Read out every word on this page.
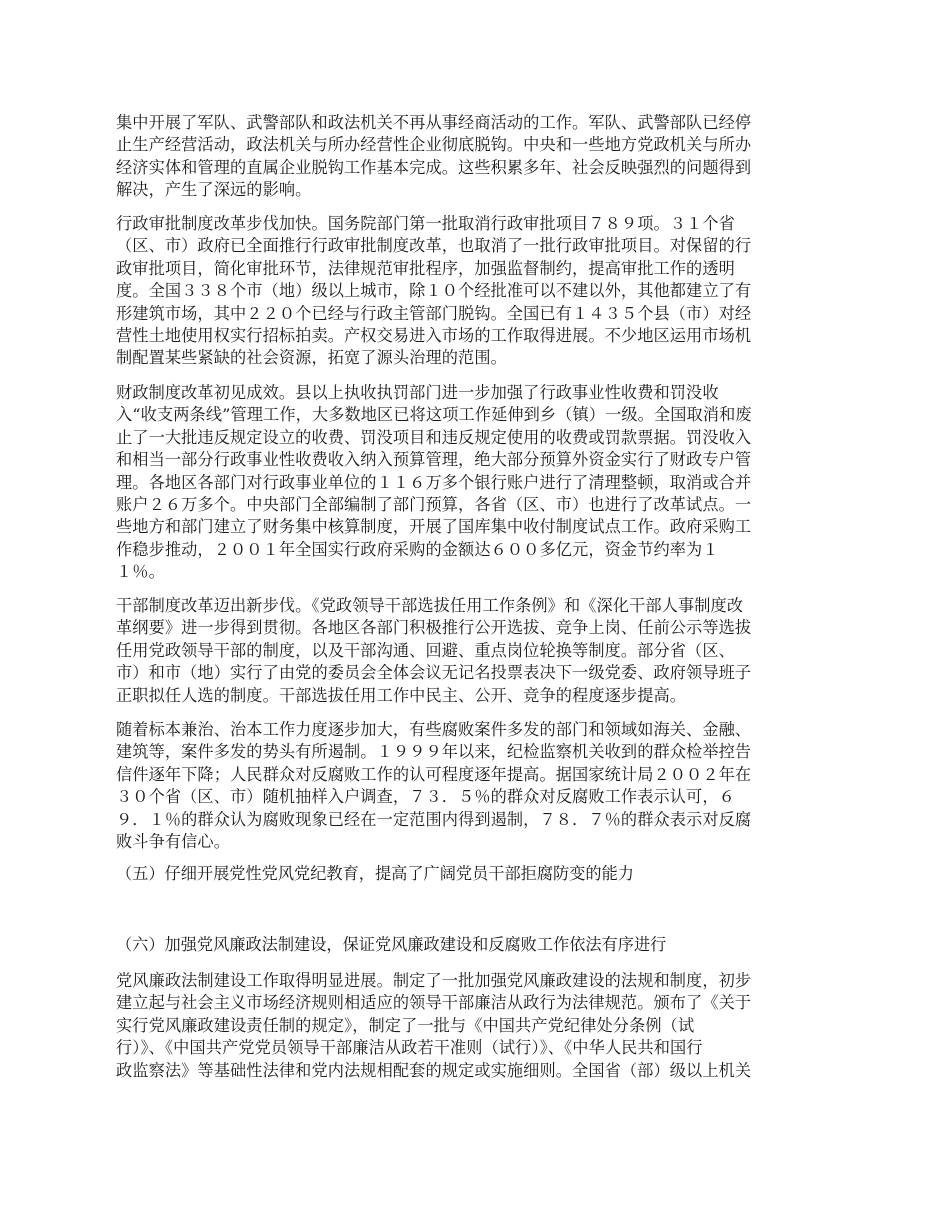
集中开展了军队、武警部队和政法机关不再从事经商活动的工作。军队、武警部队已经停
止生产经营活动，政法机关与所办经营性企业彻底脱钩。中央和一些地方党政机关与所办
经济实体和管理的直属企业脱钩工作基本完成。这些积累多年、社会反映强烈的问题得到
解决，产生了深远的影响。
行政审批制度改革步伐加快。国务院部门第一批取消行政审批项目７８９项。３１个省
（区、市）政府已全面推行行政审批制度改革，也取消了一批行政审批项目。对保留的行
政审批项目，简化审批环节，法律规范审批程序，加强监督制约，提高审批工作的透明
度。全国３３８个市（地）级以上城市，除１０个经批准可以不建以外，其他都建立了有
形建筑市场，其中２２０个已经与行政主管部门脱钩。全国已有１４３５个县（市）对经
营性土地使用权实行招标拍卖。产权交易进入市场的工作取得进展。不少地区运用市场机
制配置某些紧缺的社会资源，拓宽了源头治理的范围。
财政制度改革初见成效。县以上执收执罚部门进一步加强了行政事业性收费和罚没收
入“收支两条线”管理工作，大多数地区已将这项工作延伸到乡（镇）一级。全国取消和废
止了一大批违反规定设立的收费、罚没项目和违反规定使用的收费或罚款票据。罚没收入
和相当一部分行政事业性收费收入纳入预算管理，绝大部分预算外资金实行了财政专户管
理。各地区各部门对行政事业单位的１１６万多个银行账户进行了清理整顿，取消或合并
账户２６万多个。中央部门全部编制了部门预算，各省（区、市）也进行了改革试点。一
些地方和部门建立了财务集中核算制度，开展了国库集中收付制度试点工作。政府采购工
作稳步推动，２００１年全国实行政府采购的金额达６００多亿元，资金节约率为１
１％。
干部制度改革迈出新步伐。《党政领导干部选拔任用工作条例》和《深化干部人事制度改
革纲要》进一步得到贯彻。各地区各部门积极推行公开选拔、竞争上岗、任前公示等选拔
任用党政领导干部的制度，以及干部沟通、回避、重点岗位轮换等制度。部分省（区、
市）和市（地）实行了由党的委员会全体会议无记名投票表决下一级党委、政府领导班子
正职拟任人选的制度。干部选拔任用工作中民主、公开、竞争的程度逐步提高。
随着标本兼治、治本工作力度逐步加大，有些腐败案件多发的部门和领域如海关、金融、
建筑等，案件多发的势头有所遏制。１９９９年以来，纪检监察机关收到的群众检举控告
信件逐年下降；人民群众对反腐败工作的认可程度逐年提高。据国家统计局２００２年在
３０个省（区、市）随机抽样入户调查，７３．５％的群众对反腐败工作表示认可，６
９．１％的群众认为腐败现象已经在一定范围内得到遏制，７８．７％的群众表示对反腐
败斗争有信心。
（五）仔细开展党性党风党纪教育，提高了广阔党员干部拒腐防变的能力
（六）加强党风廉政法制建设，保证党风廉政建设和反腐败工作依法有序进行
党风廉政法制建设工作取得明显进展。制定了一批加强党风廉政建设的法规和制度，初步
建立起与社会主义市场经济规则相适应的领导干部廉洁从政行为法律规范。颁布了《关于
实行党风廉政建设责任制的规定》，制定了一批与《中国共产党纪律处分条例（试
行）》、《中国共产党党员领导干部廉洁从政若干准则（试行）》、《中华人民共和国行
政监察法》等基础性法律和党内法规相配套的规定或实施细则。全国省（部）级以上机关
